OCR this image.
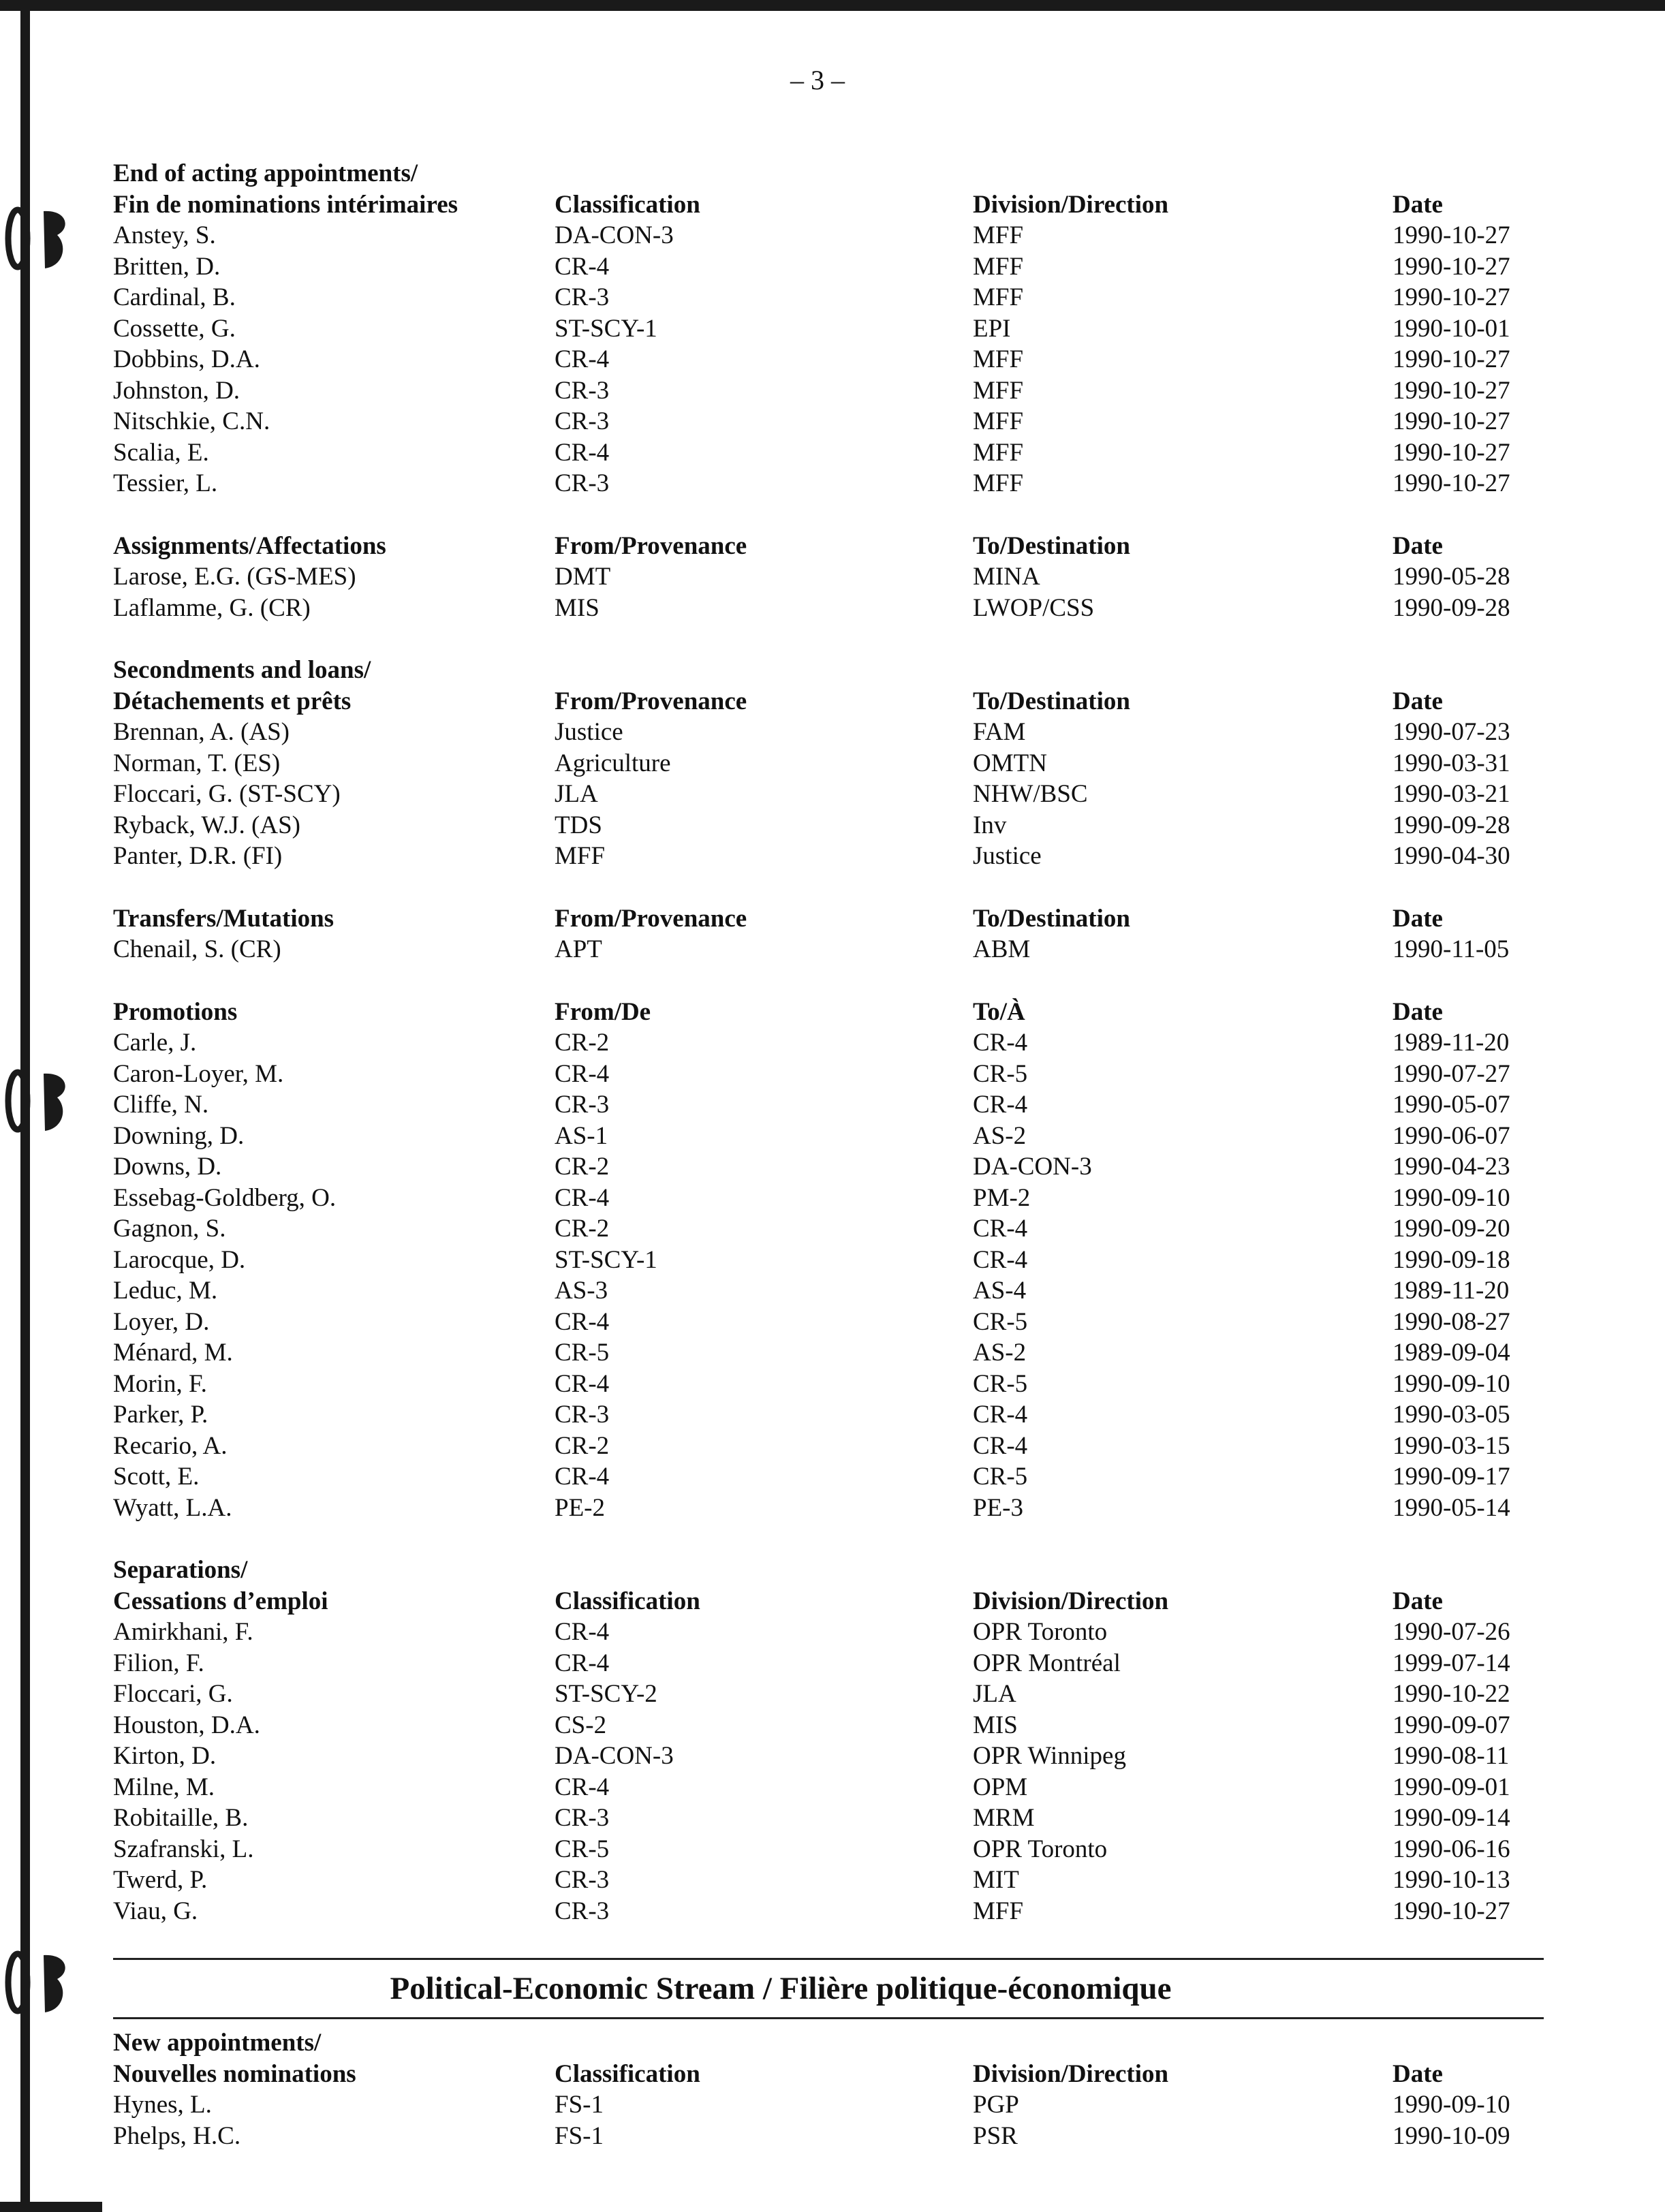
– 3 –
End of acting appointments/
Fin de nominations intérimaires	Classification	Division/Direction	Date
Anstey, S.	DA-CON-3	MFF	1990-10-27
Britten, D.	CR-4	MFF	1990-10-27
Cardinal, B.	CR-3	MFF	1990-10-27
Cossette, G.	ST-SCY-1	EPI	1990-10-01
Dobbins, D.A.	CR-4	MFF	1990-10-27
Johnston, D.	CR-3	MFF	1990-10-27
Nitschkie, C.N.	CR-3	MFF	1990-10-27
Scalia, E.	CR-4	MFF	1990-10-27
Tessier, L.	CR-3	MFF	1990-10-27
Assignments/Affectations	From/Provenance	To/Destination	Date
Larose, E.G. (GS-MES)	DMT	MINA	1990-05-28
Laflamme, G. (CR)	MIS	LWOP/CSS	1990-09-28
Secondments and loans/
Détachements et prêts	From/Provenance	To/Destination	Date
Brennan, A. (AS)	Justice	FAM	1990-07-23
Norman, T. (ES)	Agriculture	OMTN	1990-03-31
Floccari, G. (ST-SCY)	JLA	NHW/BSC	1990-03-21
Ryback, W.J. (AS)	TDS	Inv	1990-09-28
Panter, D.R. (FI)	MFF	Justice	1990-04-30
Transfers/Mutations	From/Provenance	To/Destination	Date
Chenail, S. (CR)	APT	ABM	1990-11-05
Promotions	From/De	To/À	Date
Carle, J.	CR-2	CR-4	1989-11-20
Caron-Loyer, M.	CR-4	CR-5	1990-07-27
Cliffe, N.	CR-3	CR-4	1990-05-07
Downing, D.	AS-1	AS-2	1990-06-07
Downs, D.	CR-2	DA-CON-3	1990-04-23
Essebag-Goldberg, O.	CR-4	PM-2	1990-09-10
Gagnon, S.	CR-2	CR-4	1990-09-20
Larocque, D.	ST-SCY-1	CR-4	1990-09-18
Leduc, M.	AS-3	AS-4	1989-11-20
Loyer, D.	CR-4	CR-5	1990-08-27
Ménard, M.	CR-5	AS-2	1989-09-04
Morin, F.	CR-4	CR-5	1990-09-10
Parker, P.	CR-3	CR-4	1990-03-05
Recario, A.	CR-2	CR-4	1990-03-15
Scott, E.	CR-4	CR-5	1990-09-17
Wyatt, L.A.	PE-2	PE-3	1990-05-14
Separations/
Cessations d’emploi	Classification	Division/Direction	Date
Amirkhani, F.	CR-4	OPR Toronto	1990-07-26
Filion, F.	CR-4	OPR Montréal	1999-07-14
Floccari, G.	ST-SCY-2	JLA	1990-10-22
Houston, D.A.	CS-2	MIS	1990-09-07
Kirton, D.	DA-CON-3	OPR Winnipeg	1990-08-11
Milne, M.	CR-4	OPM	1990-09-01
Robitaille, B.	CR-3	MRM	1990-09-14
Szafranski, L.	CR-5	OPR Toronto	1990-06-16
Twerd, P.	CR-3	MIT	1990-10-13
Viau, G.	CR-3	MFF	1990-10-27
Political-Economic Stream / Filière politique-économique
New appointments/
Nouvelles nominations	Classification	Division/Direction	Date
Hynes, L.	FS-1	PGP	1990-09-10
Phelps, H.C.	FS-1	PSR	1990-10-09
